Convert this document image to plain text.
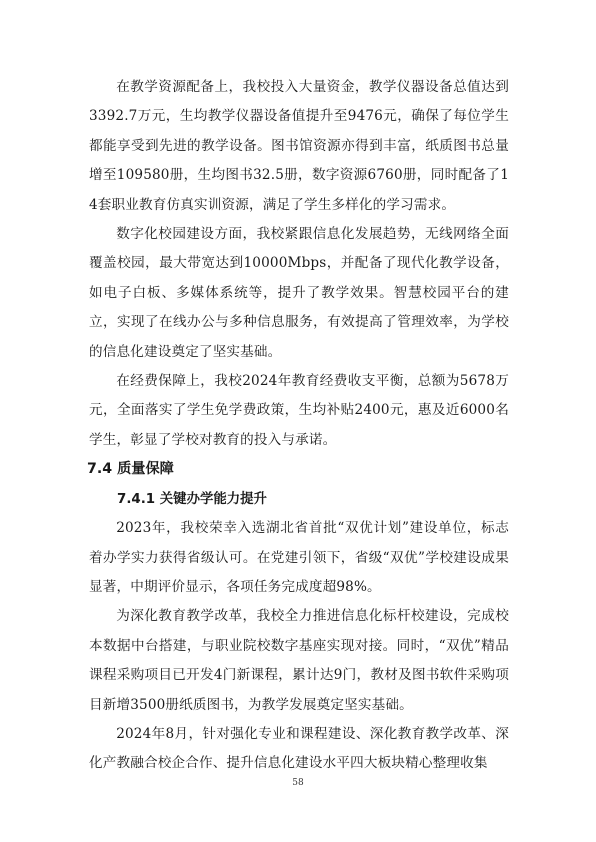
在教学资源配备上，我校投入大量资金，教学仪器设备总值达到3392.7万元，生均教学仪器设备值提升至9476元，确保了每位学生都能享受到先进的教学设备。图书馆资源亦得到丰富，纸质图书总量增至109580册，生均图书32.5册，数字资源6760册，同时配备了14套职业教育仿真实训资源，满足了学生多样化的学习需求。

数字化校园建设方面，我校紧跟信息化发展趋势，无线网络全面覆盖校园，最大带宽达到10000Mbps，并配备了现代化教学设备，如电子白板、多媒体系统等，提升了教学效果。智慧校园平台的建立，实现了在线办公与多种信息服务，有效提高了管理效率，为学校的信息化建设奠定了坚实基础。

在经费保障上，我校2024年教育经费收支平衡，总额为5678万元，全面落实了学生免学费政策，生均补贴2400元，惠及近6000名学生，彰显了学校对教育的投入与承诺。

7.4 质量保障
7.4.1 关键办学能力提升

2023年，我校荣幸入选湖北省首批“双优计划”建设单位，标志着办学实力获得省级认可。在党建引领下，省级“双优”学校建设成果显著，中期评价显示，各项任务完成度超98%。

为深化教育教学改革，我校全力推进信息化标杆校建设，完成校本数据中台搭建，与职业院校数字基座实现对接。同时，“双优”精品课程采购项目已开发4门新课程，累计达9门，教材及图书软件采购项目新增3500册纸质图书，为教学发展奠定坚实基础。

2024年8月，针对强化专业和课程建设、深化教育教学改革、深化产教融合校企合作、提升信息化建设水平四大板块精心整理收集

58
